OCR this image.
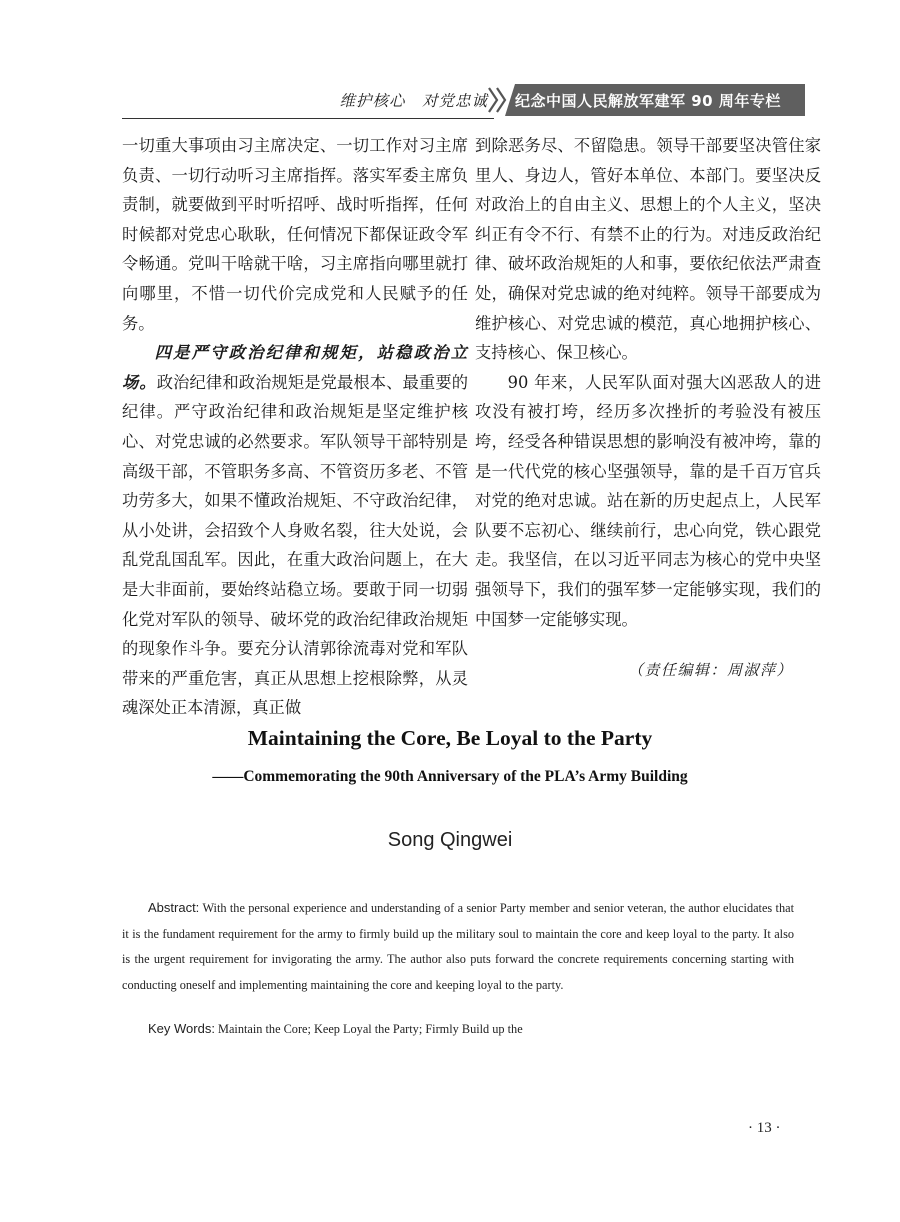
维护核心　对党忠诚 纪念中国人民解放军建军 90 周年专栏

一切重大事项由习主席决定、一切工作对习主席负责、一切行动听习主席指挥。落实军委主席负责制，就要做到平时听招呼、战时听指挥，任何时候都对党忠心耿耿，任何情况下都保证政令军令畅通。党叫干啥就干啥，习主席指向哪里就打向哪里，不惜一切代价完成党和人民赋予的任务。

四是严守政治纪律和规矩，站稳政治立场。政治纪律和政治规矩是党最根本、最重要的纪律。严守政治纪律和政治规矩是坚定维护核心、对党忠诚的必然要求。军队领导干部特别是高级干部，不管职务多高、不管资历多老、不管功劳多大，如果不懂政治规矩、不守政治纪律，从小处讲，会招致个人身败名裂，往大处说，会乱党乱国乱军。因此，在重大政治问题上，在大是大非面前，要始终站稳立场。要敢于同一切弱化党对军队的领导、破坏党的政治纪律政治规矩的现象作斗争。要充分认清郭徐流毒对党和军队带来的严重危害，真正从思想上挖根除弊，从灵魂深处正本清源，真正做

到除恶务尽、不留隐患。领导干部要坚决管住家里人、身边人，管好本单位、本部门。要坚决反对政治上的自由主义、思想上的个人主义，坚决纠正有令不行、有禁不止的行为。对违反政治纪律、破坏政治规矩的人和事，要依纪依法严肃查处，确保对党忠诚的绝对纯粹。领导干部要成为维护核心、对党忠诚的模范，真心地拥护核心、支持核心、保卫核心。

90 年来，人民军队面对强大凶恶敌人的进攻没有被打垮，经历多次挫折的考验没有被压垮，经受各种错误思想的影响没有被冲垮，靠的是一代代党的核心坚强领导，靠的是千百万官兵对党的绝对忠诚。站在新的历史起点上，人民军队要不忘初心、继续前行，忠心向党，铁心跟党走。我坚信，在以习近平同志为核心的党中央坚强领导下，我们的强军梦一定能够实现，我们的中国梦一定能够实现。

（责任编辑：周淑萍）

Maintaining the Core, Be Loyal to the Party
——Commemorating the 90th Anniversary of the PLA’s Army Building
Song Qingwei

Abstract: With the personal experience and understanding of a senior Party member and senior veteran, the author elucidates that it is the fundament requirement for the army to firmly build up the military soul to maintain the core and keep loyal to the party. It also is the urgent requirement for invigorating the army. The author also puts forward the concrete requirements concerning starting with conducting oneself and implementing maintaining the core and keeping loyal to the party.

Key Words: Maintain the Core; Keep Loyal the Party; Firmly Build up the
· 13 ·
